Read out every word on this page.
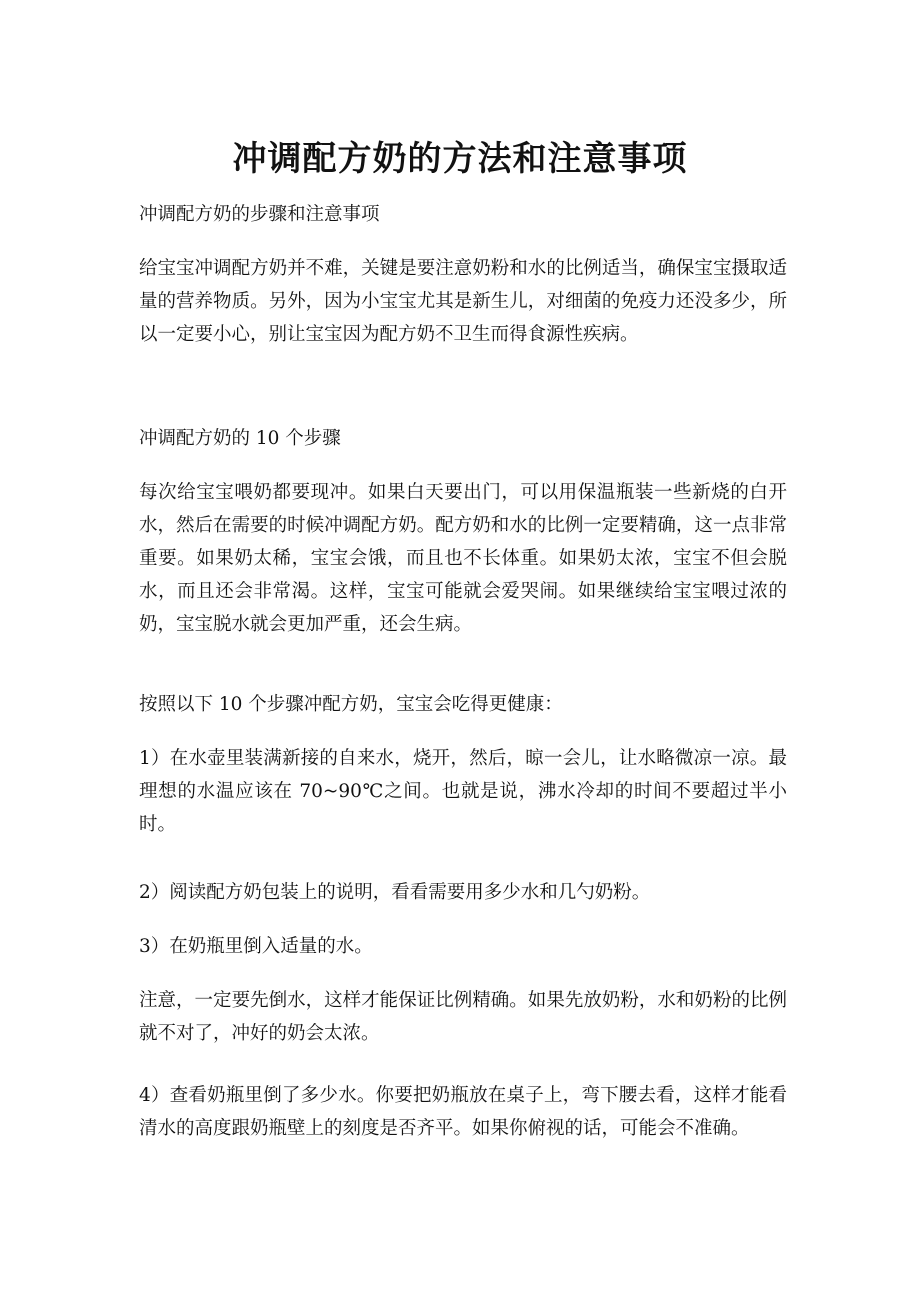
冲调配方奶的方法和注意事项

冲调配方奶的步骤和注意事项

给宝宝冲调配方奶并不难，关键是要注意奶粉和水的比例适当，确保宝宝摄取适量的营养物质。另外，因为小宝宝尤其是新生儿，对细菌的免疫力还没多少，所以一定要小心，别让宝宝因为配方奶不卫生而得食源性疾病。

冲调配方奶的 10 个步骤

每次给宝宝喂奶都要现冲。如果白天要出门，可以用保温瓶装一些新烧的白开水，然后在需要的时候冲调配方奶。配方奶和水的比例一定要精确，这一点非常重要。如果奶太稀，宝宝会饿，而且也不长体重。如果奶太浓，宝宝不但会脱水，而且还会非常渴。这样，宝宝可能就会爱哭闹。如果继续给宝宝喂过浓的奶，宝宝脱水就会更加严重，还会生病。

按照以下 10 个步骤冲配方奶，宝宝会吃得更健康：

1）在水壶里装满新接的自来水，烧开，然后，晾一会儿，让水略微凉一凉。最理想的水温应该在 70~90℃之间。也就是说，沸水冷却的时间不要超过半小时。

2）阅读配方奶包装上的说明，看看需要用多少水和几勺奶粉。

3）在奶瓶里倒入适量的水。

注意，一定要先倒水，这样才能保证比例精确。如果先放奶粉，水和奶粉的比例就不对了，冲好的奶会太浓。

4）查看奶瓶里倒了多少水。你要把奶瓶放在桌子上，弯下腰去看，这样才能看清水的高度跟奶瓶壁上的刻度是否齐平。如果你俯视的话，可能会不准确。
